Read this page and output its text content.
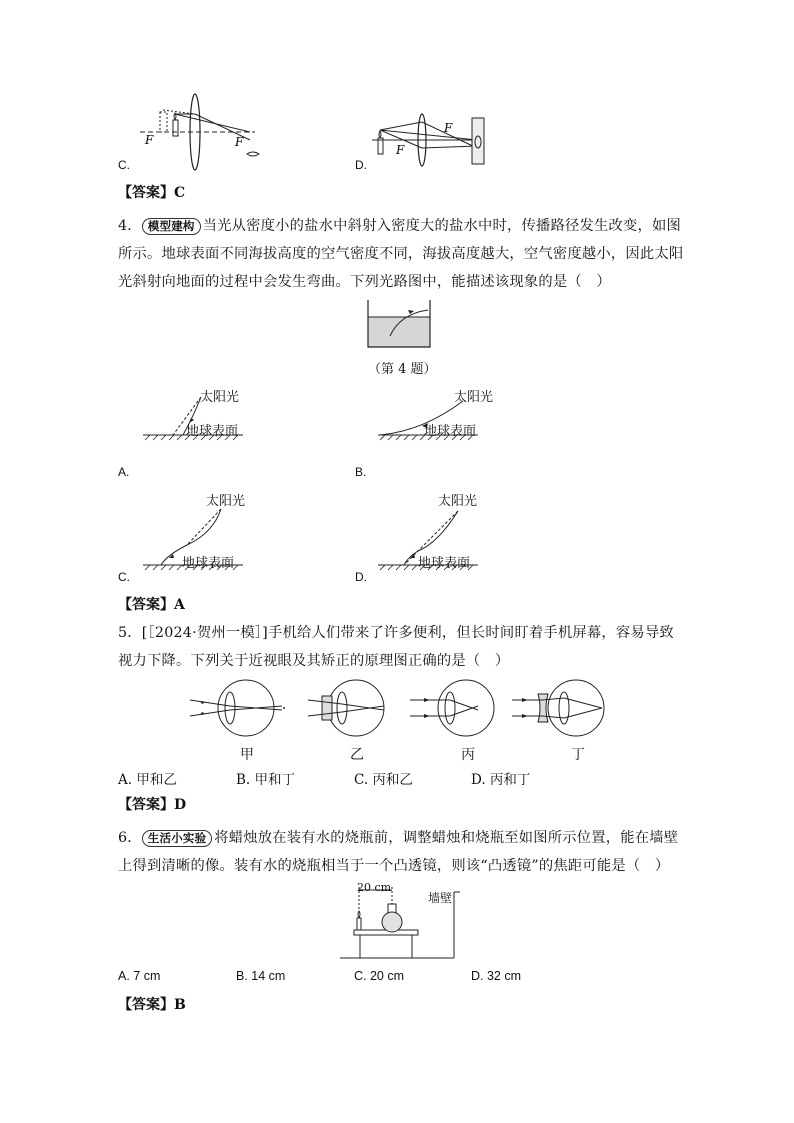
F	F
C.
F
F
D.
【答案】C
4． 模型建构 当光从密度小的盐水中斜射入密度大的盐水中时，传播路径发生改变，如图
所示。地球表面不同海拔高度的空气密度不同，海拔高度越大，空气密度越小，因此太阳
光斜射向地面的过程中会发生弯曲。下列光路图中，能描述该现象的是（　）
（第 4 题）
太阳光
地球表面
A.
太阳光
地球表面
B.
太阳光
地球表面
C.
太阳光
地球表面
D.
【答案】A
5．[［2024·贺州一模］]手机给人们带来了许多便利，但长时间盯着手机屏幕，容易导致
视力下降。下列关于近视眼及其矫正的原理图正确的是（　）
甲	乙	丙	丁
A. 甲和乙	B. 甲和丁	C. 丙和乙	D. 丙和丁
【答案】D
6． 生活小实验 将蜡烛放在装有水的烧瓶前，调整蜡烛和烧瓶至如图所示位置，能在墙壁
上得到清晰的像。装有水的烧瓶相当于一个凸透镜，则该“凸透镜”的焦距可能是（　）
20 cm
墙壁
A. 7 cm	B. 14 cm	C. 20 cm	D. 32 cm
【答案】B
